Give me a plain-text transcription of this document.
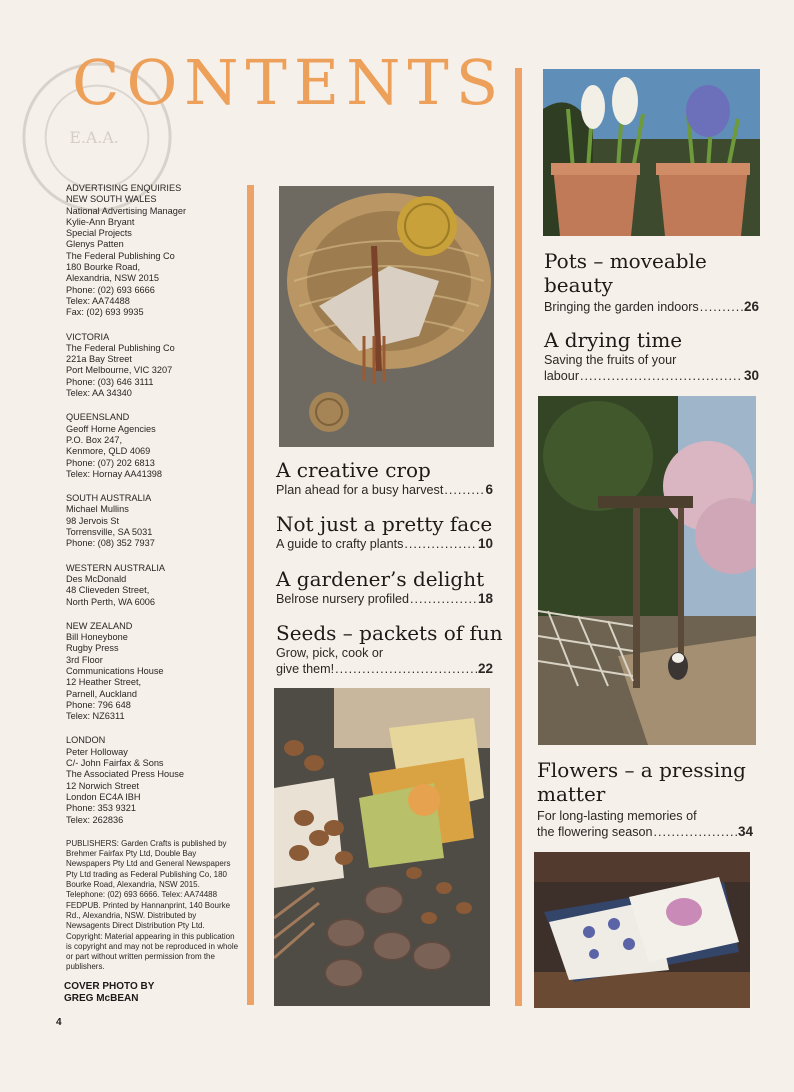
E.A.A.
CONTENTS
ADVERTISING ENQUIRIES
NEW SOUTH WALES
National Advertising Manager
Kylie-Ann Bryant
Special Projects
Glenys Patten
The Federal Publishing Co
180 Bourke Road,
Alexandria, NSW 2015
Phone: (02) 693 6666
Telex: AA74488
Fax: (02) 693 9935
VICTORIA
The Federal Publishing Co
221a Bay Street
Port Melbourne, VIC 3207
Phone: (03) 646 3111
Telex: AA 34340
QUEENSLAND
Geoff Horne Agencies
P.O. Box 247,
Kenmore, QLD 4069
Phone: (07) 202 6813
Telex: Hornay AA41398
SOUTH AUSTRALIA
Michael Mullins
98 Jervois St
Torrensville, SA 5031
Phone: (08) 352 7937
WESTERN AUSTRALIA
Des McDonald
48 Clieveden Street,
North Perth, WA 6006
NEW ZEALAND
Bill Honeybone
Rugby Press
3rd Floor
Communications House
12 Heather Street,
Parnell, Auckland
Phone: 796 648
Telex: NZ6311
LONDON
Peter Holloway
C/- John Fairfax & Sons
The Associated Press House
12 Norwich Street
London EC4A IBH
Phone: 353 9321
Telex: 262836
PUBLISHERS: Garden Crafts is published by Brehmer Fairfax Pty Ltd, Double Bay Newspapers Pty Ltd and General Newspapers Pty Ltd trading as Federal Publishing Co, 180 Bourke Road, Alexandria, NSW 2015. Telephone: (02) 693 6666. Telex: AA74488 FEDPUB. Printed by Hannanprint, 140 Bourke Rd., Alexandria, NSW. Distributed by Newsagents Direct Distribution Pty Ltd. Copyright: Material appearing in this publication is copyright and may not be reproduced in whole or part without written permission from the publishers.
COVER PHOTO BY
GREG McBEAN
4
A creative crop
Plan ahead for a busy harvest .....	6
Not just a pretty face
A guide to crafty plants .....	10
A gardener’s delight
Belrose nursery profiled .....	18
Seeds – packets of fun
Grow, pick, cook or
give them! .....	22
Pots – moveable beauty
Bringing the garden indoors .....	26
A drying time
Saving the fruits of your
labour .....	30
Flowers – a pressing matter
For long-lasting memories of
the flowering season .....	34
